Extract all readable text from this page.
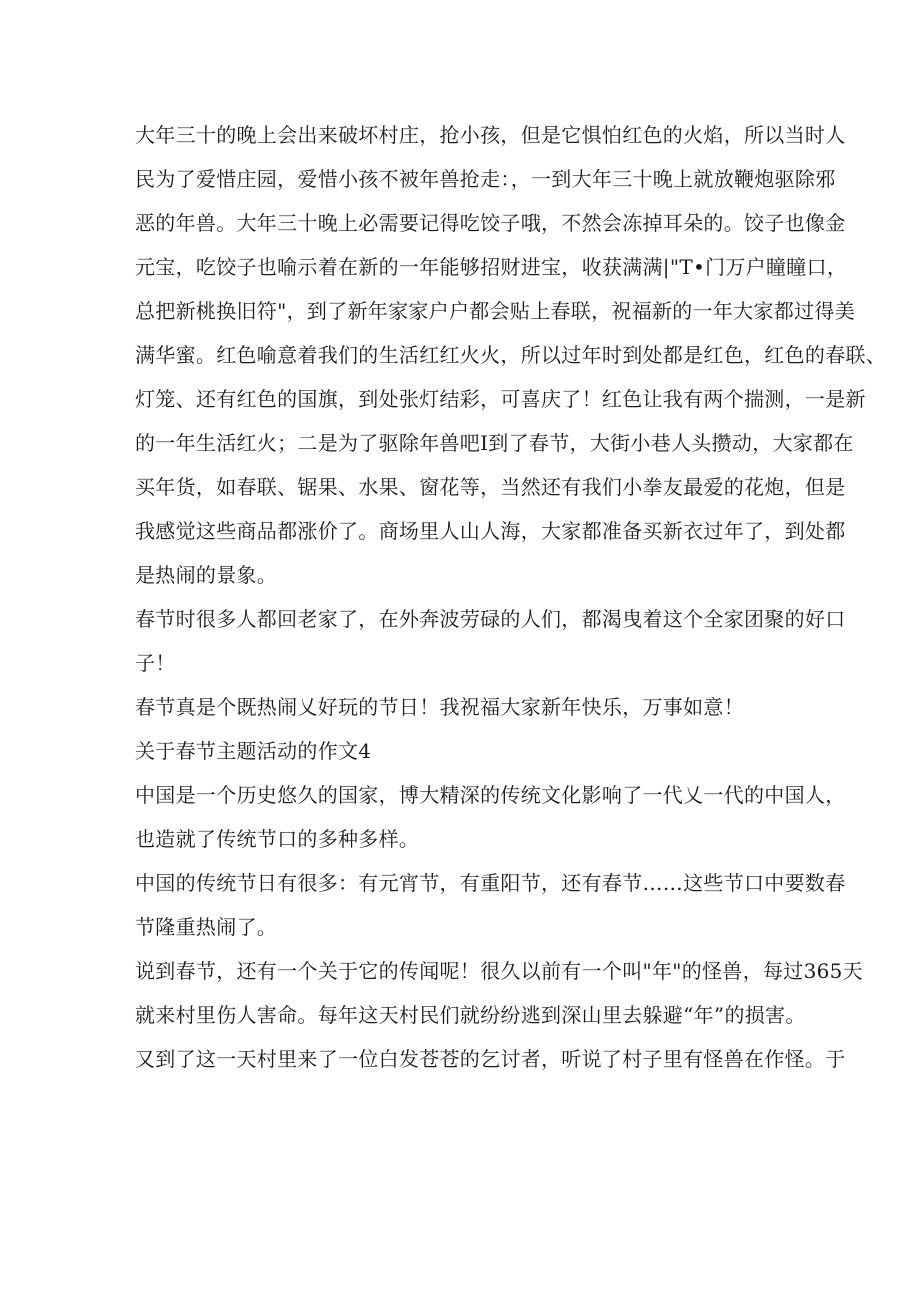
大年三十的晚上会出来破坏村庄，抢小孩，但是它惧怕红色的火焰，所以当时人
民为了爱惜庄园，爱惜小孩不被年兽抢走：，一到大年三十晚上就放鞭炮驱除邪
恶的年兽。大年三十晚上必需要记得吃饺子哦，不然会冻掉耳朵的。饺子也像金
元宝，吃饺子也喻示着在新的一年能够招财进宝，收获满满|"T•门万户瞳瞳口，
总把新桃换旧符"，到了新年家家户户都会贴上春联，祝福新的一年大家都过得美
满华蜜。红色喻意着我们的生活红红火火，所以过年时到处都是红色，红色的春联、
灯笼、还有红色的国旗，到处张灯结彩，可喜庆了！红色让我有两个揣测，一是新
的一年生活红火；二是为了驱除年兽吧I到了春节，大街小巷人头攒动，大家都在
买年货，如春联、锯果、水果、窗花等，当然还有我们小拳友最爱的花炮，但是
我感觉这些商品都涨价了。商场里人山人海，大家都准备买新衣过年了，到处都
是热闹的景象。
春节时很多人都回老家了，在外奔波劳碌的人们，都渴曳着这个全家团聚的好口
子！
春节真是个既热闹乂好玩的节日！我祝福大家新年快乐，万事如意！
关于春节主题活动的作文4
中国是一个历史悠久的国家，博大精深的传统文化影响了一代乂一代的中国人，
也造就了传统节口的多种多样。
中国的传统节日有很多：有元宵节，有重阳节，还有春节……这些节口中要数春
节隆重热闹了。
说到春节，还有一个关于它的传闻呢！很久以前有一个叫"年"的怪兽，每过365天
就来村里伤人害命。每年这天村民们就纷纷逃到深山里去躲避“年”的损害。
又到了这一天村里来了一位白发苍苍的乞讨者，听说了村子里有怪兽在作怪。于
